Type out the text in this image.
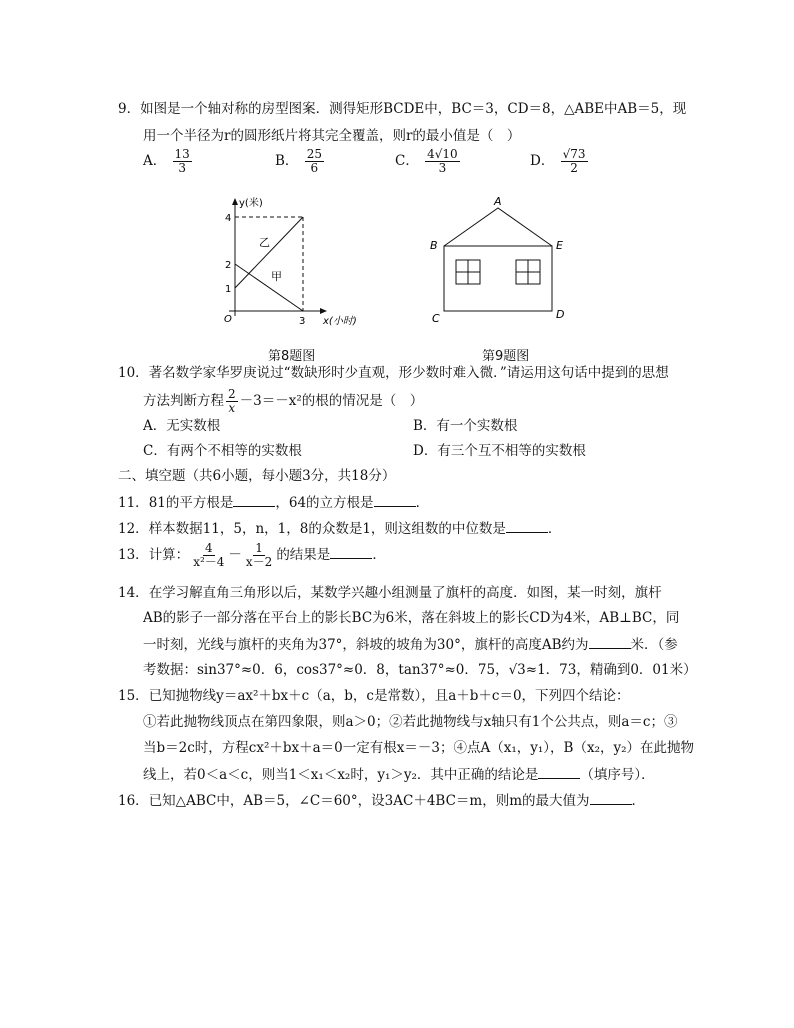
9．如图是一个轴对称的房型图案．测得矩形BCDE中，BC＝3，CD＝8，△ABE中AB＝5，现
用一个半径为r的圆形纸片将其完全覆盖，则r的最小值是（　）
A． $\frac{13}{3}$	B． $\frac{25}{6}$	C． $\frac{4√10}{3}$	D． $\frac{√73}{2}$
y(米)
x(小时)
O
4
2
1
3
乙
甲
第8题图
A
B	E
C	D
第9题图
10．著名数学家华罗庚说过“数缺形时少直观，形少数时难入微．”请运用这句话中提到的思想
方法判断方程 $\frac{2}{x} -3=-x^2$的根的情况是（　）
A．无实数根	B．有一个实数根
C．有两个不相等的实数根	D．有三个互不相等的实数根
二、填空题（共6小题，每小题3分，共18分）
11．81的平方根是	，64的立方根是	．
12．样本数据11，5，n，1，8的众数是1，则这组数的中位数是	．
13．计算： $\frac{4}{\text{x²－4}} - \frac{1}{x-2}$ 的结果是	．
14．在学习解直角三角形以后，某数学兴趣小组测量了旗杆的高度．如图，某一时刻，旗杆
AB的影子一部分落在平台上的影长BC为6米，落在斜坡上的影长CD为4米，AB⊥BC，同
一时刻，光线与旗杆的夹角为37°，斜坡的坡角为30°，旗杆的高度AB约为	米．（参
考数据：sin37°≈0．6，cos37°≈0．8，tan37°≈0．75，√3≈1．73，精确到0．01米）
15．已知抛物线y＝ax²＋bx＋c（a，b，c是常数），且a＋b＋c＝0，下列四个结论：
①若此抛物线顶点在第四象限，则a＞0；②若此抛物线与x轴只有1个公共点，则a＝c；③
当b＝2c时，方程cx²＋bx＋a＝0一定有根x＝－3；④点A（x₁，y₁），B（x₂，y₂）在此抛物
线上，若0＜a＜c，则当1＜x₁＜x₂时，y₁＞y₂．其中正确的结论是	（填序号）．
16．已知△ABC中，AB＝5，∠C＝60°，设3AC＋4BC＝m，则m的最大值为	．
